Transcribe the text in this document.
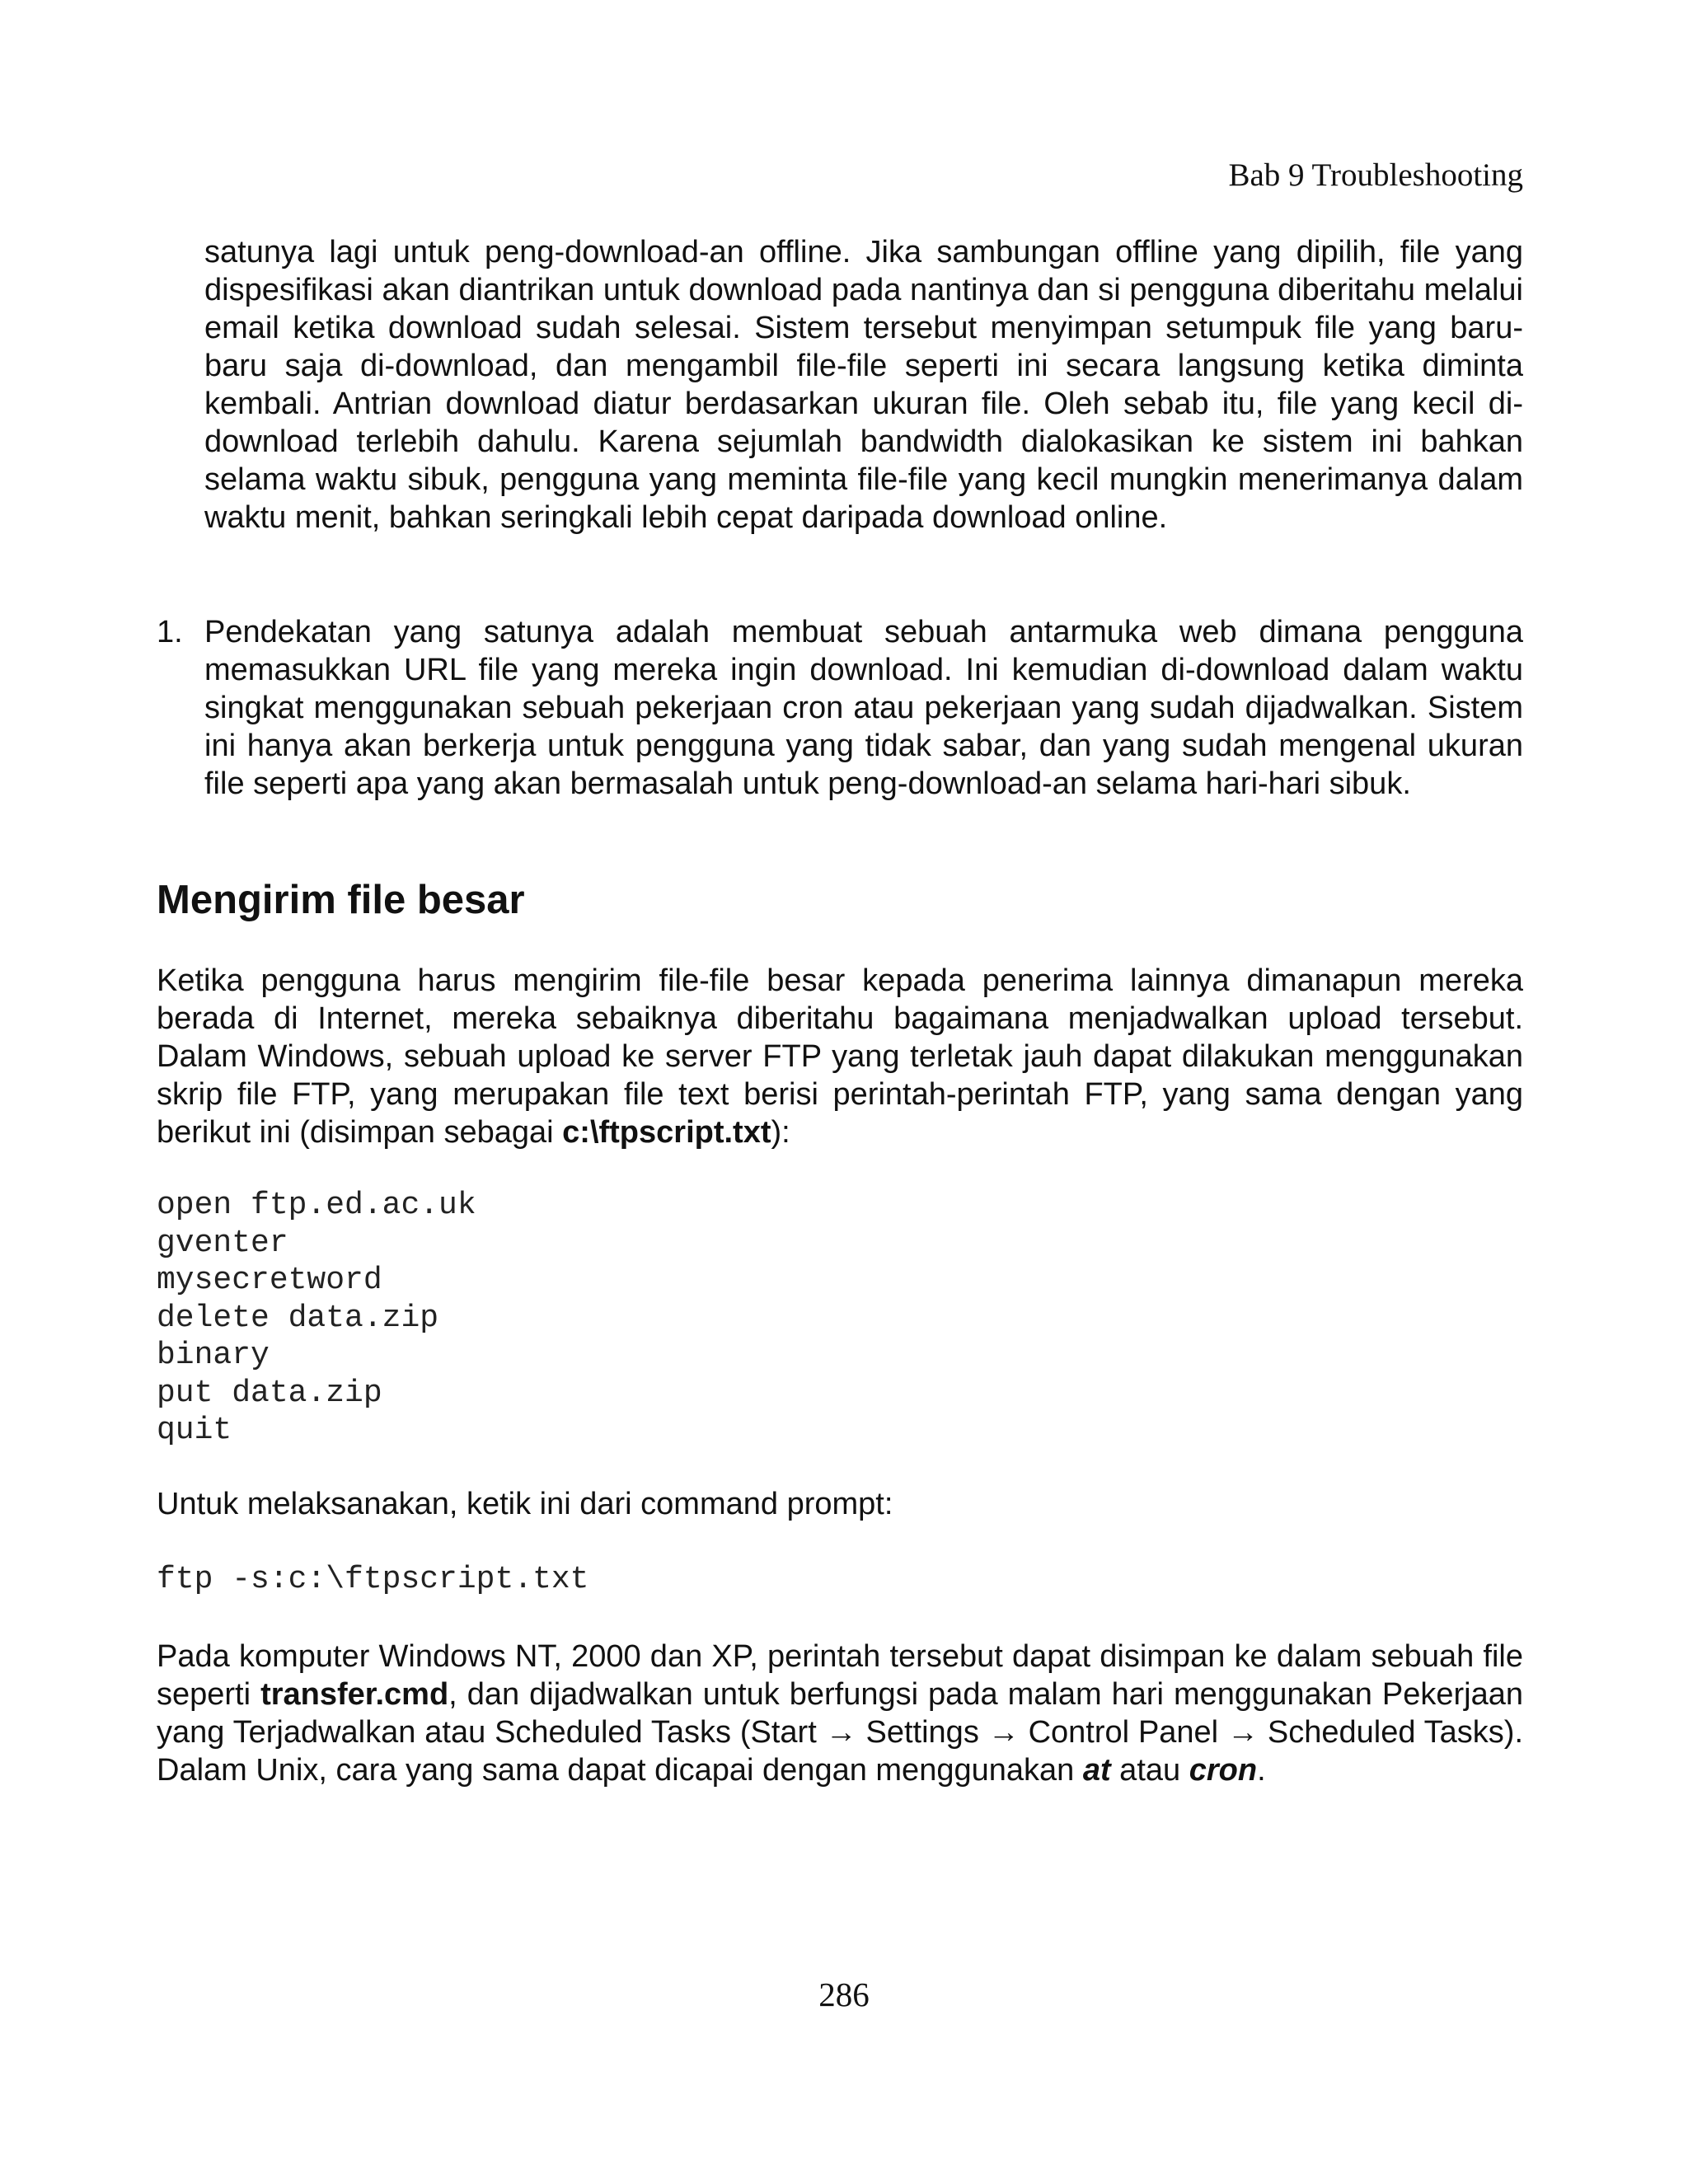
Bab 9 Troubleshooting

satunya lagi untuk peng-download-an offline. Jika sambungan offline yang dipilih, file yang dispesifikasi akan diantrikan untuk download pada nantinya dan si pengguna diberitahu melalui email ketika download sudah selesai. Sistem tersebut menyimpan setumpuk file yang baru-baru saja di-download, dan mengambil file-file seperti ini secara langsung ketika diminta kembali. Antrian download diatur berdasarkan ukuran file. Oleh sebab itu, file yang kecil di-download terlebih dahulu. Karena sejumlah bandwidth dialokasikan ke sistem ini bahkan selama waktu sibuk, pengguna yang meminta file-file yang kecil mungkin menerimanya dalam waktu menit, bahkan seringkali lebih cepat daripada download online.

1. Pendekatan yang satunya adalah membuat sebuah antarmuka web dimana pengguna memasukkan URL file yang mereka ingin download. Ini kemudian di-download dalam waktu singkat menggunakan sebuah pekerjaan cron atau pekerjaan yang sudah dijadwalkan. Sistem ini hanya akan berkerja untuk pengguna yang tidak sabar, dan yang sudah mengenal ukuran file seperti apa yang akan bermasalah untuk peng-download-an selama hari-hari sibuk.

Mengirim file besar

Ketika pengguna harus mengirim file-file besar kepada penerima lainnya dimanapun mereka berada di Internet, mereka sebaiknya diberitahu bagaimana menjadwalkan upload tersebut. Dalam Windows, sebuah upload ke server FTP yang terletak jauh dapat dilakukan menggunakan skrip file FTP, yang merupakan file text berisi perintah-perintah FTP, yang sama dengan yang berikut ini (disimpan sebagai c:\ftpscript.txt):

open ftp.ed.ac.uk
gventer
mysecretword
delete data.zip
binary
put data.zip
quit

Untuk melaksanakan, ketik ini dari command prompt:

ftp -s:c:\ftpscript.txt

Pada komputer Windows NT, 2000 dan XP, perintah tersebut dapat disimpan ke dalam sebuah file seperti transfer.cmd, dan dijadwalkan untuk berfungsi pada malam hari menggunakan Pekerjaan yang Terjadwalkan atau Scheduled Tasks (Start → Settings → Control Panel → Scheduled Tasks). Dalam Unix, cara yang sama dapat dicapai dengan menggunakan at atau cron.

286
